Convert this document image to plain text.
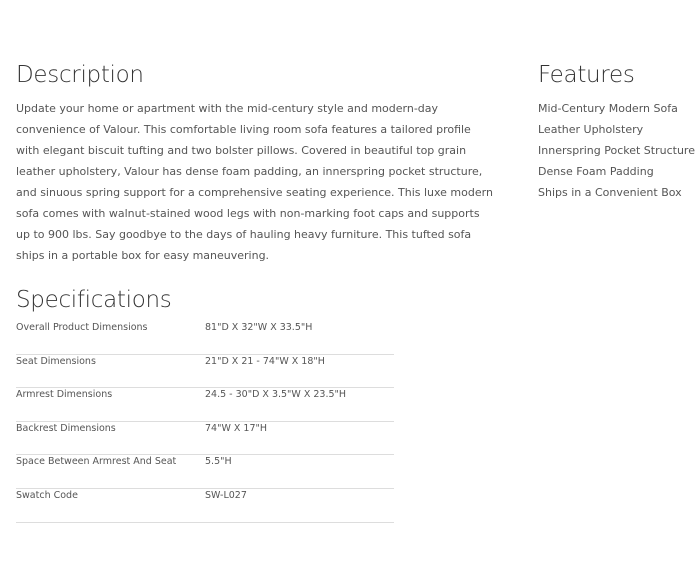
Description

Update your home or apartment with the mid-century style and modern-day convenience of Valour. This comfortable living room sofa features a tailored profile with elegant biscuit tufting and two bolster pillows. Covered in beautiful top grain leather upholstery, Valour has dense foam padding, an innerspring pocket structure, and sinuous spring support for a comprehensive seating experience. This luxe modern sofa comes with walnut-stained wood legs with non-marking foot caps and supports up to 900 lbs. Say goodbye to the days of hauling heavy furniture. This tufted sofa ships in a portable box for easy maneuvering.

Features
Mid-Century Modern Sofa
Leather Upholstery
Innerspring Pocket Structure
Dense Foam Padding
Ships in a Convenient Box
Specifications
Overall Product Dimensions	81"D X 32"W X 33.5"H
Seat Dimensions	21"D X 21 - 74"W X 18"H
Armrest Dimensions	24.5 - 30"D X 3.5"W X 23.5"H
Backrest Dimensions	74"W X 17"H
Space Between Armrest And Seat	5.5"H
Swatch Code	SW-L027
